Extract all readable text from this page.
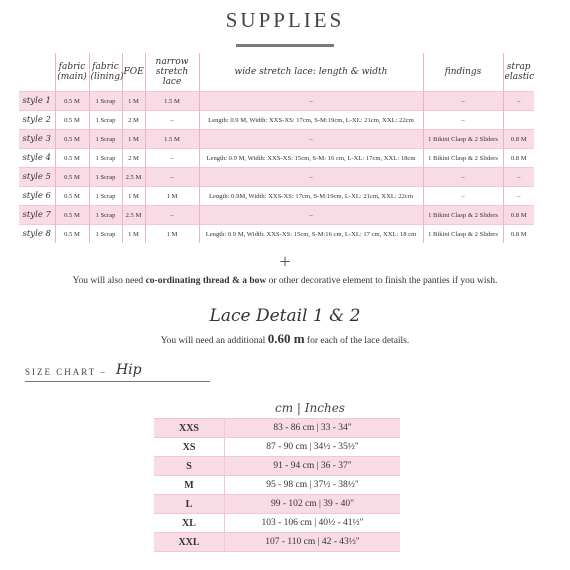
SUPPLIES
	fabric (main)	fabric (lining)	FOE	narrow stretch lace	wide stretch lace: length & width	findings	strap elastic
style 1	0.5 M	1 Scrap	1 M	1.5 M	–	–	–
style 2	0.5 M	1 Scrap	2 M	–	Length: 0.9 M, Width: XXS-XS: 17cm, S-M:19cm, L-XL: 21cm, XXL: 22cm	–	
style 3	0.5 M	1 Scrap	1 M	1.5 M	–	1 Bikini Clasp & 2 Sliders	0.8 M
style 4	0.5 M	1 Scrap	2 M	–	Length: 0.9 M, Width: XXS-XS: 15cm, S-M: 16 cm, L-XL: 17cm, XXL: 18cm	1 Bikini Clasp & 2 Sliders	0.8 M
style 5	0.5 M	1 Scrap	2.5 M	–	–	–	–
style 6	0.5 M	1 Scrap	1 M	1 M	Length: 0.9M, Width: XXS-XS: 17cm, S-M:19cm, L-XL: 21cm, XXL: 22cm	–	–
style 7	0.5 M	1 Scrap	2.5 M	–	–	1 Bikini Clasp & 2 Sliders	0.8 M
style 8	0.5 M	1 Scrap	1 M	1 M	Length: 0.9 M, Width: XXS-XS: 15cm, S-M:16 cm, L-XL: 17 cm, XXL: 18 cm	1 Bikini Clasp & 2 Sliders	0.8 M
+
You will also need co-ordinating thread & a bow or other decorative element to finish the panties if you wish.
Lace Detail 1 & 2
You will need an additional 0.60 m for each of the lace details.
SIZE CHART – Hip
cm | Inches
XXS	83 - 86 cm | 33 - 34"
XS	87 - 90 cm | 34½ - 35½"
S	91 - 94 cm | 36 - 37"
M	95 - 98 cm | 37½ - 38½"
L	99 - 102 cm | 39 - 40"
XL	103 - 106 cm | 40½ - 41½"
XXL	107 - 110 cm | 42 - 43½"
